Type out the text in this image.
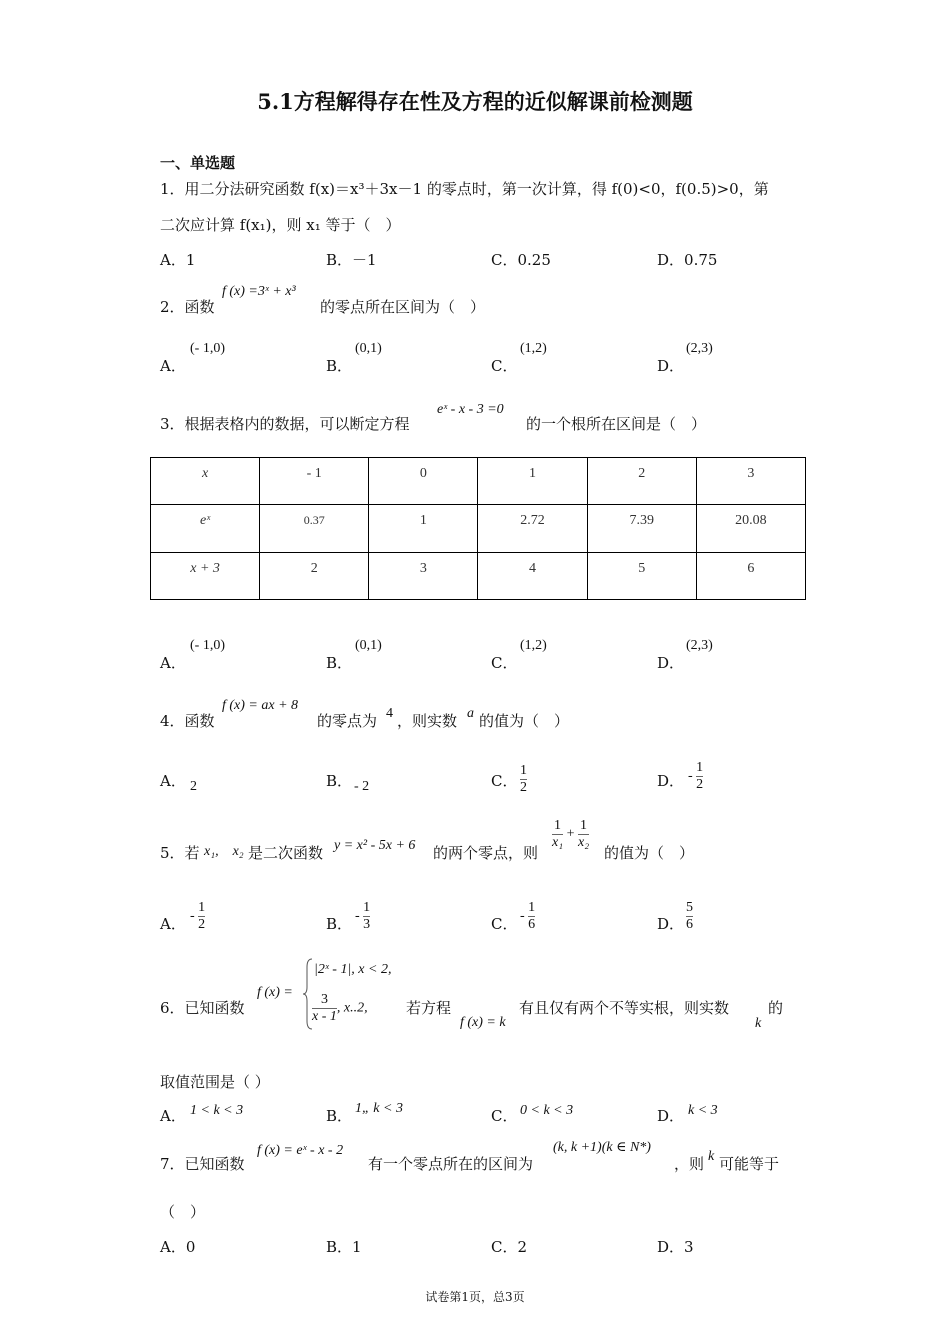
5.1方程解得存在性及方程的近似解课前检测题
一、单选题
1．用二分法研究函数 f(x)＝x³＋3x－1 的零点时，第一次计算，得 f(0)<0，f(0.5)>0，第
二次应计算 f(x₁)，则 x₁ 等于（　）
A．1	B．－1	C．0.25	D．0.75
2．函数
f (x) =3ˣ + x³
的零点所在区间为（　）
A．
(- 1,0)
B．
(0,1)
C．
(1,2)
D．
(2,3)
3．根据表格内的数据，可以断定方程
eˣ - x - 3 =0
的一个根所在区间是（　）
x	- 1	0	1	2	3
eˣ	0.37	1	2.72	7.39	20.08
x + 3	2	3	4	5	6
A．
(- 1,0)
B．
(0,1)
C．
(1,2)
D．
(2,3)
4．函数
f (x) = ax + 8
的零点为 4 ，则实数 a 的值为（　）
A． 2	B． - 2	C． $\frac{1}{2}$	D． - $\frac{1}{2}$
5．若 x₁,　x₂ 是二次函数 y = x² - 5x + 6 的两个零点，则
$\frac{1}{\text{x₁}} + \frac{1}{\text{x₂}}$
的值为（　）
A． - $\frac{1}{2}$	B． - $\frac{1}{3}$	C． - $\frac{1}{6}$	D． $\frac{5}{6}$
6．已知函数
f (x) =
|2ˣ - 1|, x < 2,
$\frac{3}{x - 1}$ , x..2,	若方程
f (x) = k
有且仅有两个不等实根，则实数
k
的
取值范围是（ ）
A． 1 < k < 3	B． 1„ k < 3	C． 0 < k < 3	D． k < 3
7．已知函数
f (x) = eˣ - x - 2
有一个零点所在的区间为
(k, k +1)(k ∈ N*)
，则 k 可能等于
（　）
A．0	B．1	C．2	D．3
试卷第1页，总3页
